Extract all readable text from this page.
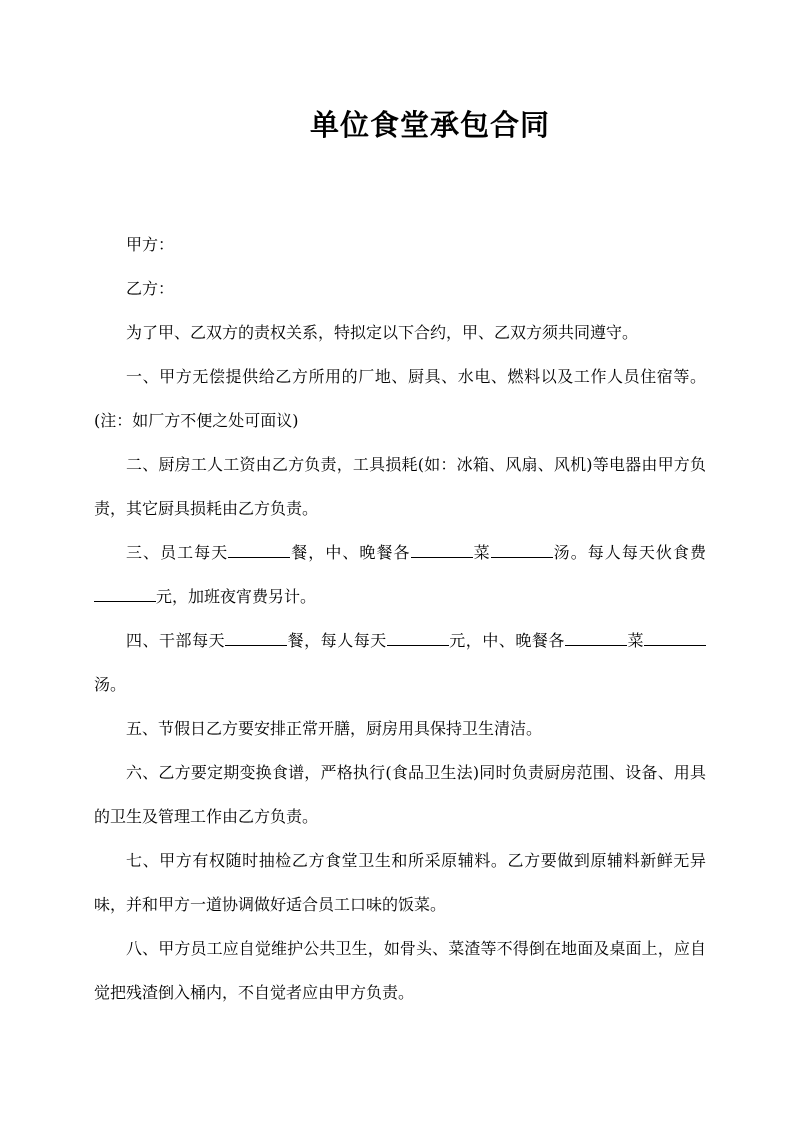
单位食堂承包合同

甲方：

乙方：

为了甲、乙双方的责权关系，特拟定以下合约，甲、乙双方须共同遵守。

一、甲方无偿提供给乙方所用的厂地、厨具、水电、燃料以及工作人员住宿等。(注：如厂方不便之处可面议)

二、厨房工人工资由乙方负责，工具损耗(如：冰箱、风扇、风机)等电器由甲方负责，其它厨具损耗由乙方负责。

三、员工每天	餐，中、晚餐各	菜	汤。每人每天伙食费元，加班夜宵费另计。

四、干部每天	餐，每人每天	元，中、晚餐各	菜汤。

五、节假日乙方要安排正常开膳，厨房用具保持卫生清洁。

六、乙方要定期变换食谱，严格执行(食品卫生法)同时负责厨房范围、设备、用具的卫生及管理工作由乙方负责。

七、甲方有权随时抽检乙方食堂卫生和所采原辅料。乙方要做到原辅料新鲜无异味，并和甲方一道协调做好适合员工口味的饭菜。

八、甲方员工应自觉维护公共卫生，如骨头、菜渣等不得倒在地面及桌面上，应自觉把残渣倒入桶内，不自觉者应由甲方负责。
